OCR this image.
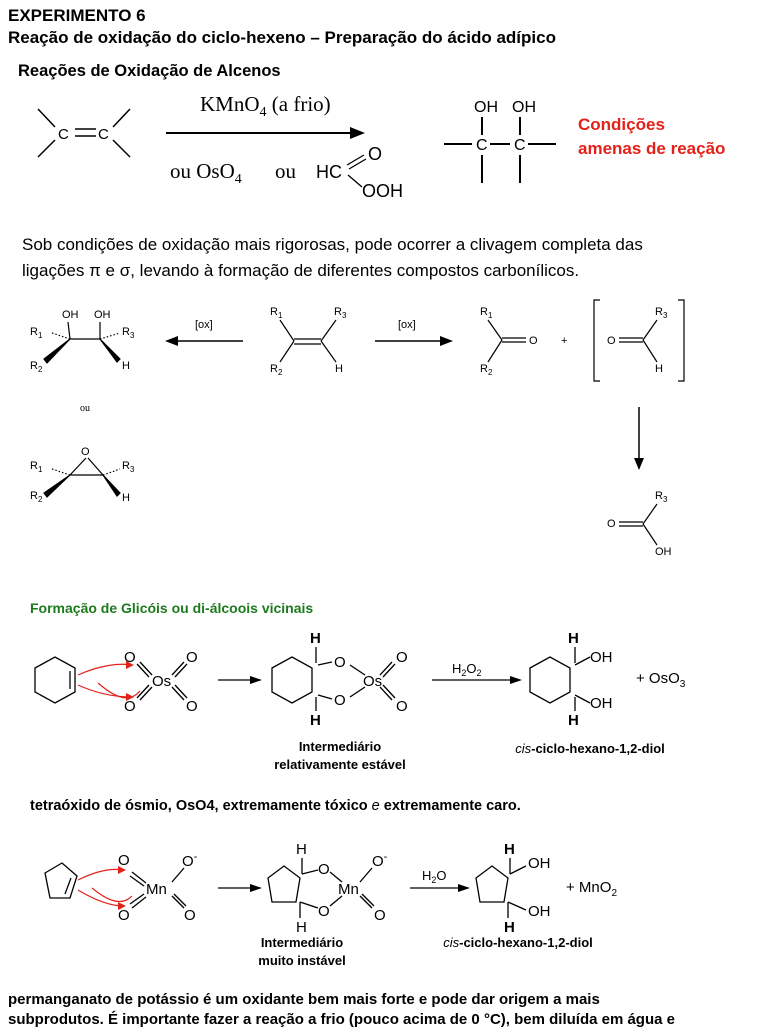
EXPERIMENTO 6
Reação de oxidação do ciclo-hexeno – Preparação do ácido adípico
Reações de Oxidação de Alcenos
C C
KMnO$_4$ (a frio)
ou OsO$_4$ ou HC
O
OOH
OH OH
C C
Condições
amenas de reação
Sob condições de oxidação mais rigorosas, pode ocorrer a clivagem completa das
ligações π e σ, levando à formação de diferentes compostos carbonílicos.
OH OH
$R_1$	$R_3$
$R_2$	H
[ox]	[ox]
$R_1$	$R_3$
$R_2$	H
$R_1$
$R_2$
O +
$R_3$
O
H
ou
O
$R_1$	$R_3$
$R_2$	H	$R_3$
O
OH
Formação de Glicóis ou di-álcoois vicinais
Os
O	O
O	O
H
H
O
O
Os
O
O
H
H
OH
OH
+ OsO$_3$
$H_2O_2$
Intermediário
relativamente estável
cis-ciclo-hexano-1,2-diol
tetraóxido de ósmio, OsO4, extremamente tóxico e extremamente caro.
Mn
O
O
O-
O
H
H
O
O
Mn
O-
O
H
H
OH
OH
+ MnO$_2$
$H_2O$
Intermediário
muito instável
cis-ciclo-hexano-1,2-diol
permanganato de potássio é um oxidante bem mais forte e pode dar origem a mais
subprodutos. É importante fazer a reação a frio (pouco acima de 0 °C), bem diluída em água e
